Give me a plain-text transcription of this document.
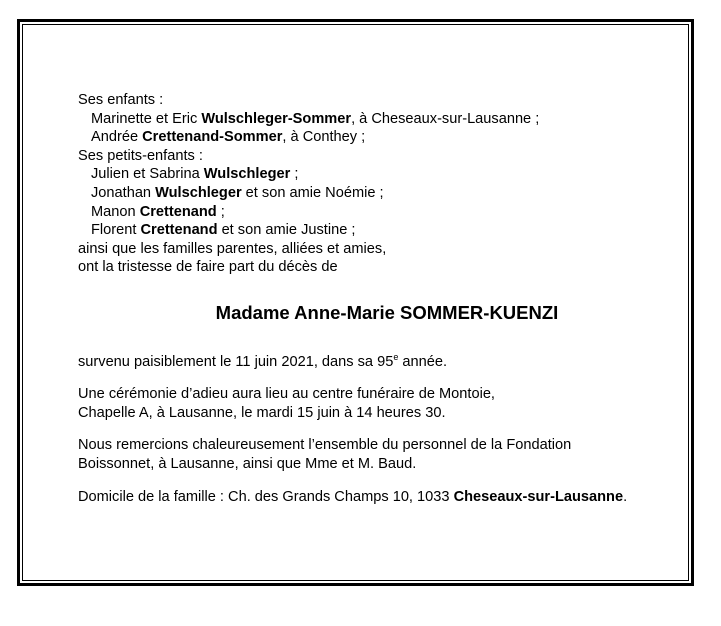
Ses enfants :
Marinette et Eric Wulschleger-Sommer, à Cheseaux-sur-Lausanne ;
Andrée Crettenand-Sommer, à Conthey ;
Ses petits-enfants :
Julien et Sabrina Wulschleger ;
Jonathan Wulschleger et son amie Noémie ;
Manon Crettenand ;
Florent Crettenand et son amie Justine ;
ainsi que les familles parentes, alliées et amies,
ont la tristesse de faire part du décès de
Madame Anne-Marie SOMMER-KUENZI
survenu paisiblement le 11 juin 2021, dans sa 95e année.
Une cérémonie d’adieu aura lieu au centre funéraire de Montoie,
Chapelle A, à Lausanne, le mardi 15 juin à 14 heures 30.
Nous remercions chaleureusement l’ensemble du personnel de la Fondation
Boissonnet, à Lausanne, ainsi que Mme et M. Baud.
Domicile de la famille : Ch. des Grands Champs 10, 1033 Cheseaux-sur-Lausanne.
